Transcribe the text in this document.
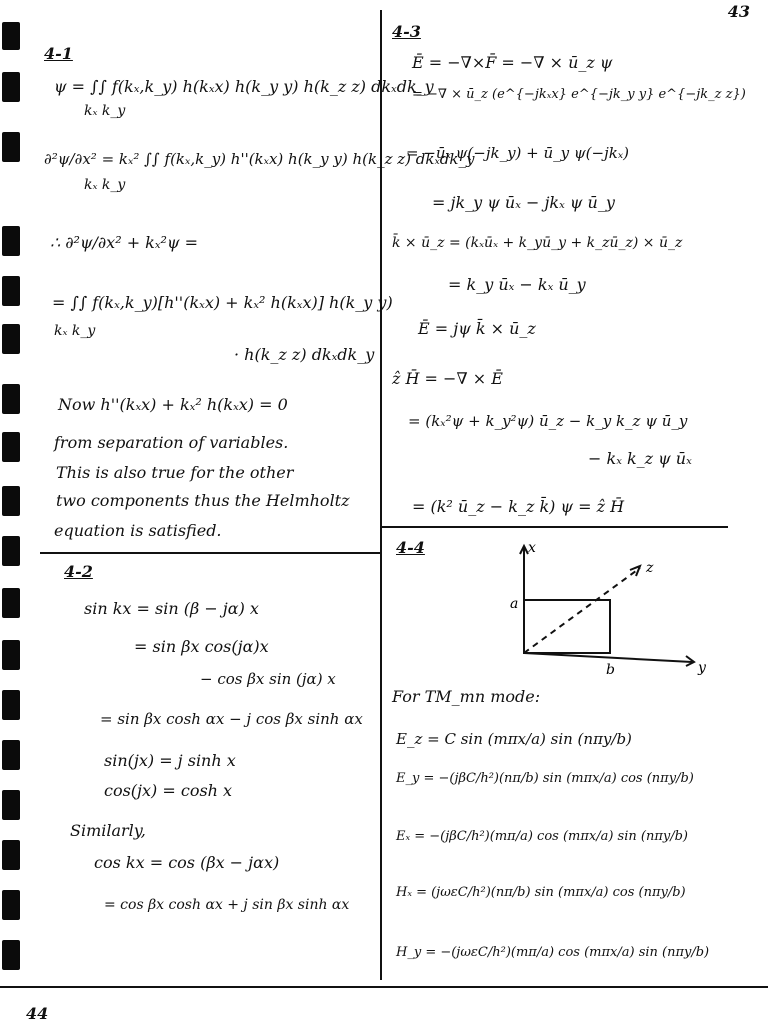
43
4-1
ψ = ∫∫ f(kₓ,k_y) h(kₓx) h(k_y y) h(k_z z) dkₓdk_y
kₓ k_y
∂²ψ/∂x² = kₓ² ∫∫ f(kₓ,k_y) h''(kₓx) h(k_y y) h(k_z z) dkₓdk_y
kₓ k_y
∴ ∂²ψ/∂x² + kₓ²ψ =
= ∫∫ f(kₓ,k_y)[h''(kₓx) + kₓ² h(kₓx)] h(k_y y)
kₓ k_y
· h(k_z z) dkₓdk_y
Now h''(kₓx) + kₓ² h(kₓx) = 0
from separation of variables.
This is also true for the other
two components thus the Helmholtz
equation is satisfied.
4-2
sin kx = sin (β − jα) x
= sin βx cos(jα)x
− cos βx sin (jα) x
= sin βx cosh αx − j cos βx sinh αx
sin(jx) = j sinh x
cos(jx) = cosh x
Similarly,
cos kx = cos (βx − jαx)
= cos βx cosh αx + j sin βx sinh αx
4-3
Ē = −∇×F̄ = −∇ × ū_z ψ
= −∇ × ū_z (e^{−jkₓx} e^{−jk_y y} e^{−jk_z z})
= −ūₓ ψ(−jk_y) + ū_y ψ(−jkₓ)
= jk_y ψ ūₓ − jkₓ ψ ū_y
k̄ × ū_z = (kₓūₓ + k_yū_y + k_zū_z) × ū_z
= k_y ūₓ − kₓ ū_y
Ē = jψ k̄ × ū_z
ẑ H̄ = −∇ × Ē
= (kₓ²ψ + k_y²ψ) ū_z − k_y k_z ψ ū_y
− kₓ k_z ψ ūₓ
= (k² ū_z − k_z k̄) ψ = ẑ H̄
4-4	x
y
z
a
b
For TM_mn mode:
E_z = C sin (mπx/a) sin (nπy/b)
E_y = −(jβC/h²)(nπ/b) sin (mπx/a) cos (nπy/b)
Eₓ = −(jβC/h²)(mπ/a) cos (mπx/a) sin (nπy/b)
Hₓ = (jωεC/h²)(nπ/b) sin (mπx/a) cos (nπy/b)
H_y = −(jωεC/h²)(mπ/a) cos (mπx/a) sin (nπy/b)
44
